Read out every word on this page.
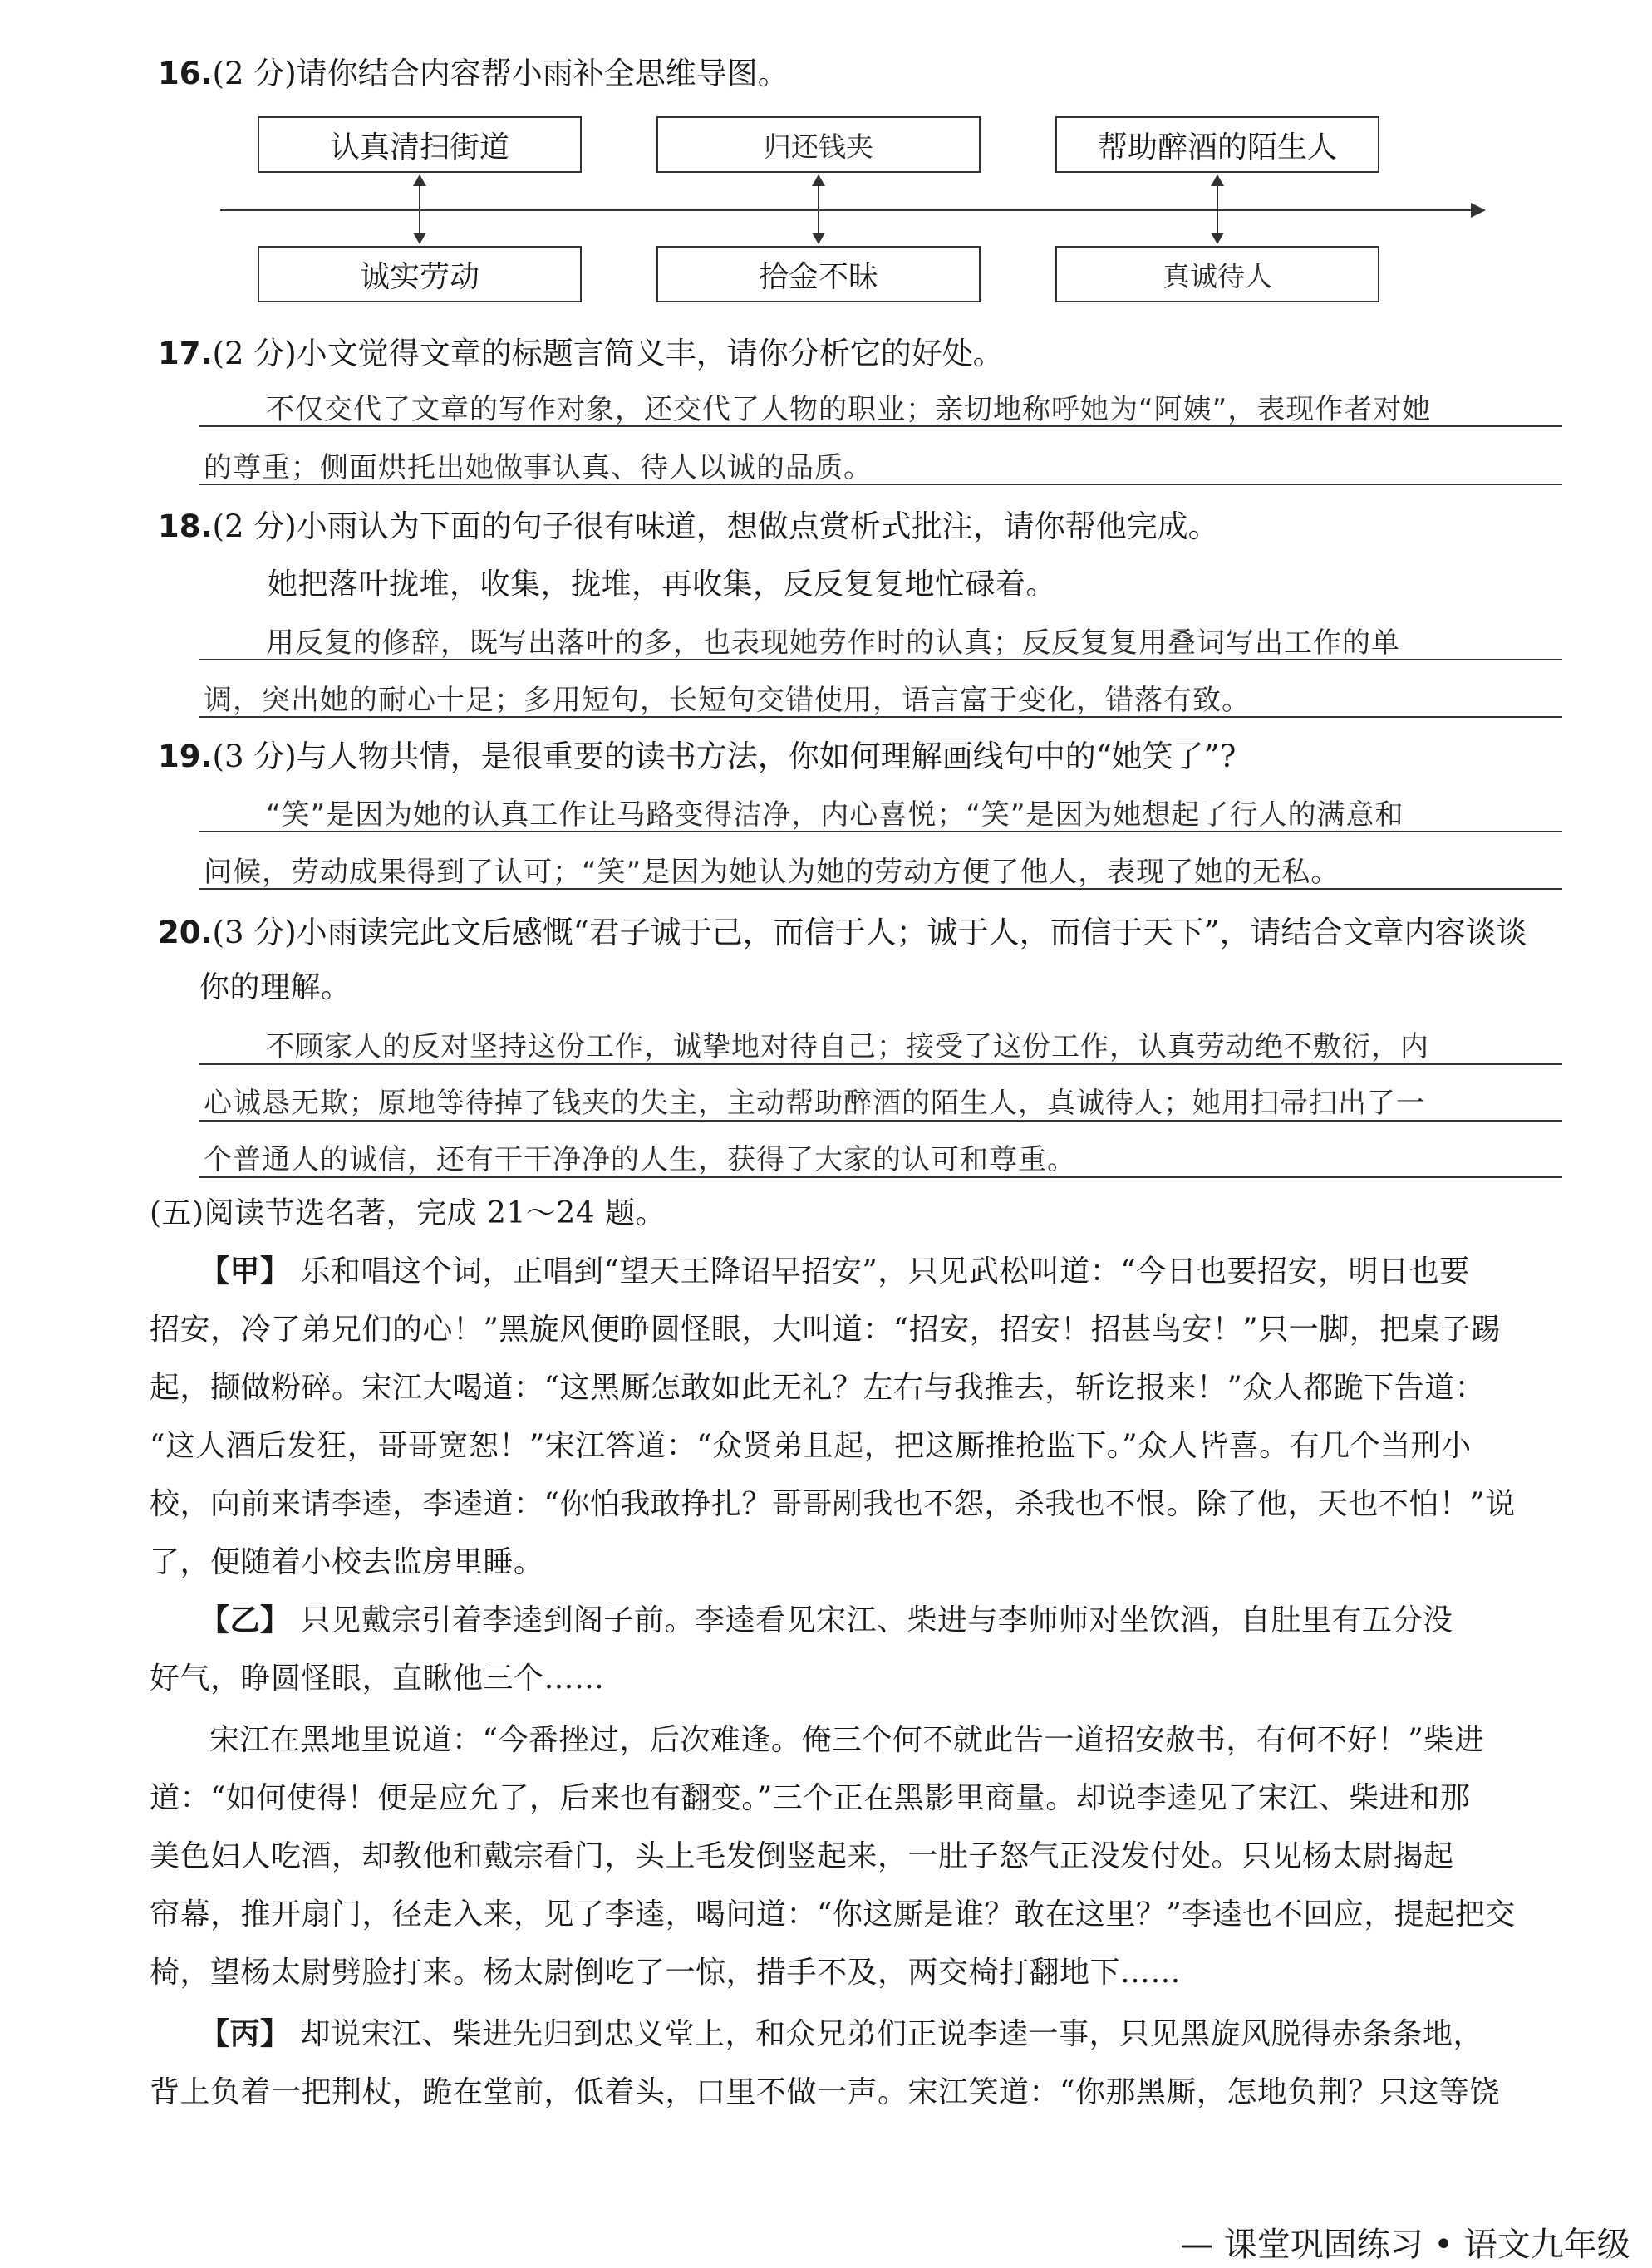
16.(2 分)请你结合内容帮小雨补全思维导图。
认真清扫街道	归还钱夹	帮助醉酒的陌生人
诚实劳动	拾金不昧	真诚待人
17.(2 分)小文觉得文章的标题言简义丰，请你分析它的好处。
不仅交代了文章的写作对象，还交代了人物的职业；亲切地称呼她为“阿姨”，表现作者对她
的尊重；侧面烘托出她做事认真、待人以诚的品质。
18.(2 分)小雨认为下面的句子很有味道，想做点赏析式批注，请你帮他完成。
她把落叶拢堆，收集，拢堆，再收集，反反复复地忙碌着。
用反复的修辞，既写出落叶的多，也表现她劳作时的认真；反反复复用叠词写出工作的单
调，突出她的耐心十足；多用短句，长短句交错使用，语言富于变化，错落有致。
19.(3 分)与人物共情，是很重要的读书方法，你如何理解画线句中的“她笑了”?
“笑”是因为她的认真工作让马路变得洁净，内心喜悦；“笑”是因为她想起了行人的满意和
问候，劳动成果得到了认可；“笑”是因为她认为她的劳动方便了他人，表现了她的无私。
20.(3 分)小雨读完此文后感慨“君子诚于己，而信于人；诚于人，而信于天下”，请结合文章内容谈谈
你的理解。
不顾家人的反对坚持这份工作，诚挚地对待自己；接受了这份工作，认真劳动绝不敷衍，内
心诚恳无欺；原地等待掉了钱夹的失主，主动帮助醉酒的陌生人，真诚待人；她用扫帚扫出了一
个普通人的诚信，还有干干净净的人生，获得了大家的认可和尊重。
(五)阅读节选名著，完成 21～24 题。
【甲】 乐和唱这个词，正唱到“望天王降诏早招安”，只见武松叫道：“今日也要招安，明日也要
招安，冷了弟兄们的心！”黑旋风便睁圆怪眼，大叫道：“招安，招安！招甚鸟安！”只一脚，把桌子踢
起，撷做粉碎。宋江大喝道：“这黑厮怎敢如此无礼？左右与我推去，斩讫报来！”众人都跪下告道：
“这人酒后发狂，哥哥宽恕！”宋江答道：“众贤弟且起，把这厮推抢监下。”众人皆喜。有几个当刑小
校，向前来请李逵，李逵道：“你怕我敢挣扎？哥哥剐我也不怨，杀我也不恨。除了他，天也不怕！”说
了，便随着小校去监房里睡。
【乙】 只见戴宗引着李逵到阁子前。李逵看见宋江、柴进与李师师对坐饮酒，自肚里有五分没
好气，睁圆怪眼，直瞅他三个……
宋江在黑地里说道：“今番挫过，后次难逢。俺三个何不就此告一道招安赦书，有何不好！”柴进
道：“如何使得！便是应允了，后来也有翻变。”三个正在黑影里商量。却说李逵见了宋江、柴进和那
美色妇人吃酒，却教他和戴宗看门，头上毛发倒竖起来，一肚子怒气正没发付处。只见杨太尉揭起
帘幕，推开扇门，径走入来，见了李逵，喝问道：“你这厮是谁？敢在这里？”李逵也不回应，提起把交
椅，望杨太尉劈脸打来。杨太尉倒吃了一惊，措手不及，两交椅打翻地下……
【丙】 却说宋江、柴进先归到忠义堂上，和众兄弟们正说李逵一事，只见黑旋风脱得赤条条地，
背上负着一把荆杖，跪在堂前，低着头，口里不做一声。宋江笑道：“你那黑厮，怎地负荆？只这等饶
— 课堂巩固练习 • 语文九年级
